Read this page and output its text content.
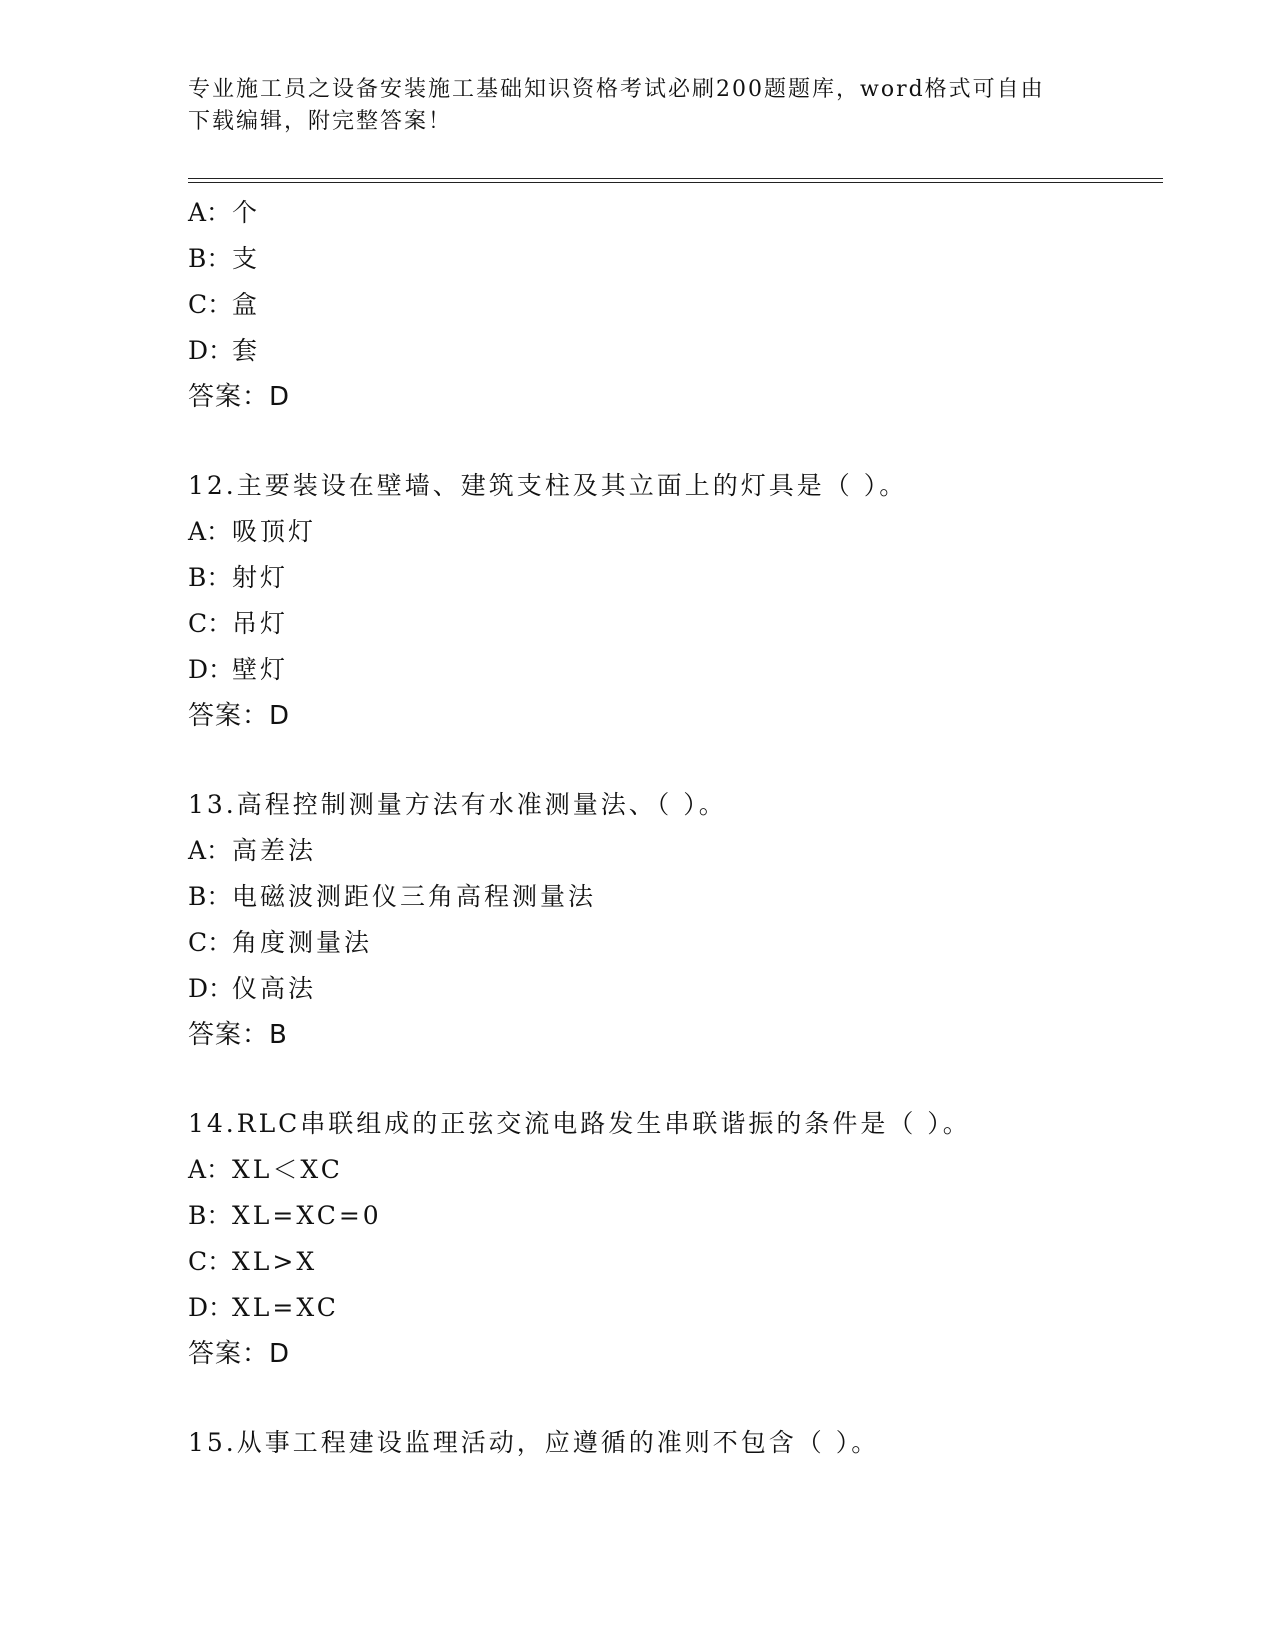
专业施工员之设备安装施工基础知识资格考试必刷200题题库，word格式可自由
下载编辑，附完整答案！
A：个
B：支
C：盒
D：套
答案：D
12.主要装设在壁墙、建筑支柱及其立面上的灯具是（ ）。
A：吸顶灯
B：射灯
C：吊灯
D：壁灯
答案：D
13.高程控制测量方法有水准测量法、（ ）。
A：高差法
B：电磁波测距仪三角高程测量法
C：角度测量法
D：仪高法
答案：B
14.RLC串联组成的正弦交流电路发生串联谐振的条件是（ ）。
A：XL＜XC
B：XL=XC=0
C：XL>X
D：XL=XC
答案：D
15.从事工程建设监理活动，应遵循的准则不包含（ ）。
